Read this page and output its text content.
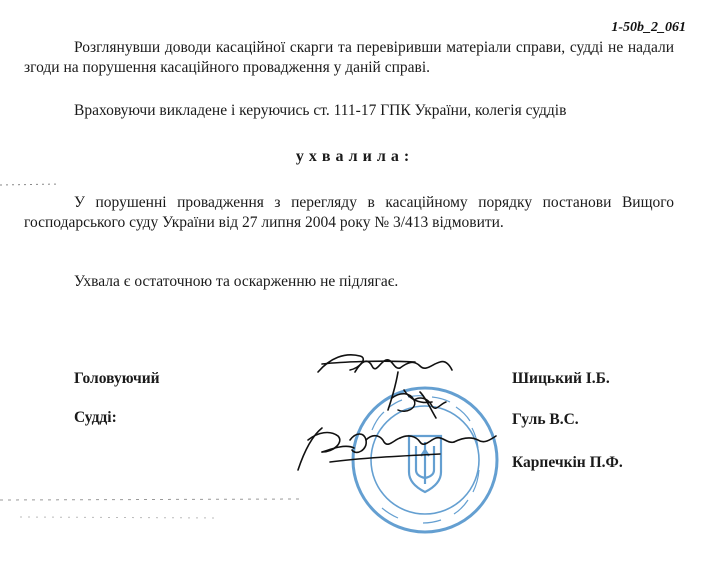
1-50b_2_061

Розглянувши доводи касаційної скарги та перевіривши матеріали справи, судді не надали згоди на порушення касаційного провадження у даній справі.

Враховуючи викладене і керуючись ст. 111-17 ГПК України, колегія суддів

ухвалила:

У порушенні провадження з перегляду в касаційному порядку постанови Вищого господарського суду України від 27 липня 2004 року № 3/413 відмовити.

Ухвала є остаточною та оскарженню не підлягає.

Головуючий
Судді:
Шицький І.Б.
Гуль В.С.
Карпечкін П.Ф.
